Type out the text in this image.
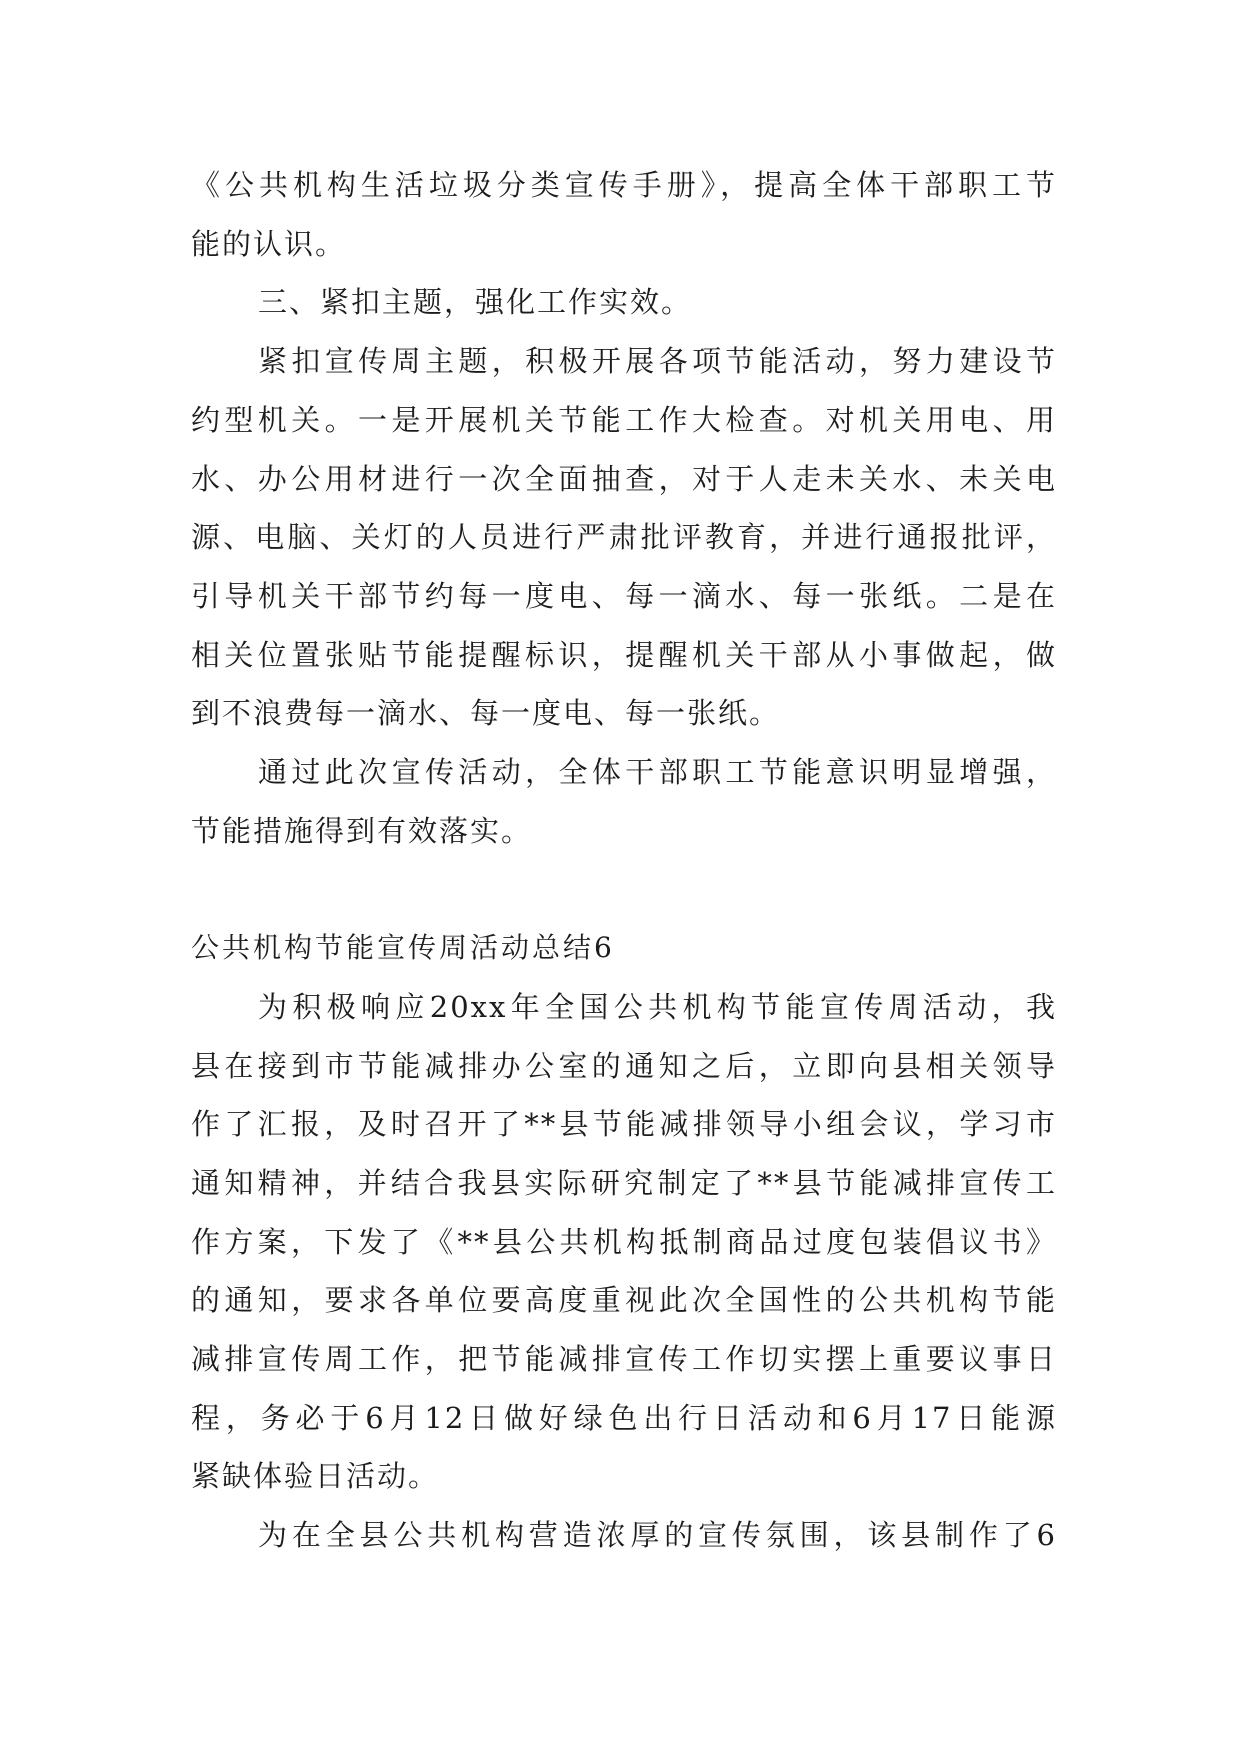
《公共机构生活垃圾分类宣传手册》，提高全体干部职工节
能的认识。
三、紧扣主题，强化工作实效。
紧扣宣传周主题，积极开展各项节能活动，努力建设节
约型机关。一是开展机关节能工作大检查。对机关用电、用
水、办公用材进行一次全面抽查，对于人走未关水、未关电
源、电脑、关灯的人员进行严肃批评教育，并进行通报批评，
引导机关干部节约每一度电、每一滴水、每一张纸。二是在
相关位置张贴节能提醒标识，提醒机关干部从小事做起，做
到不浪费每一滴水、每一度电、每一张纸。
通过此次宣传活动，全体干部职工节能意识明显增强，
节能措施得到有效落实。
公共机构节能宣传周活动总结6
为积极响应20xx年全国公共机构节能宣传周活动，我
县在接到市节能减排办公室的通知之后，立即向县相关领导
作了汇报，及时召开了**县节能减排领导小组会议，学习市
通知精神，并结合我县实际研究制定了**县节能减排宣传工
作方案，下发了《**县公共机构抵制商品过度包装倡议书》
的通知，要求各单位要高度重视此次全国性的公共机构节能
减排宣传周工作，把节能减排宣传工作切实摆上重要议事日
程，务必于6月12日做好绿色出行日活动和6月17日能源
紧缺体验日活动。
为在全县公共机构营造浓厚的宣传氛围，该县制作了6
